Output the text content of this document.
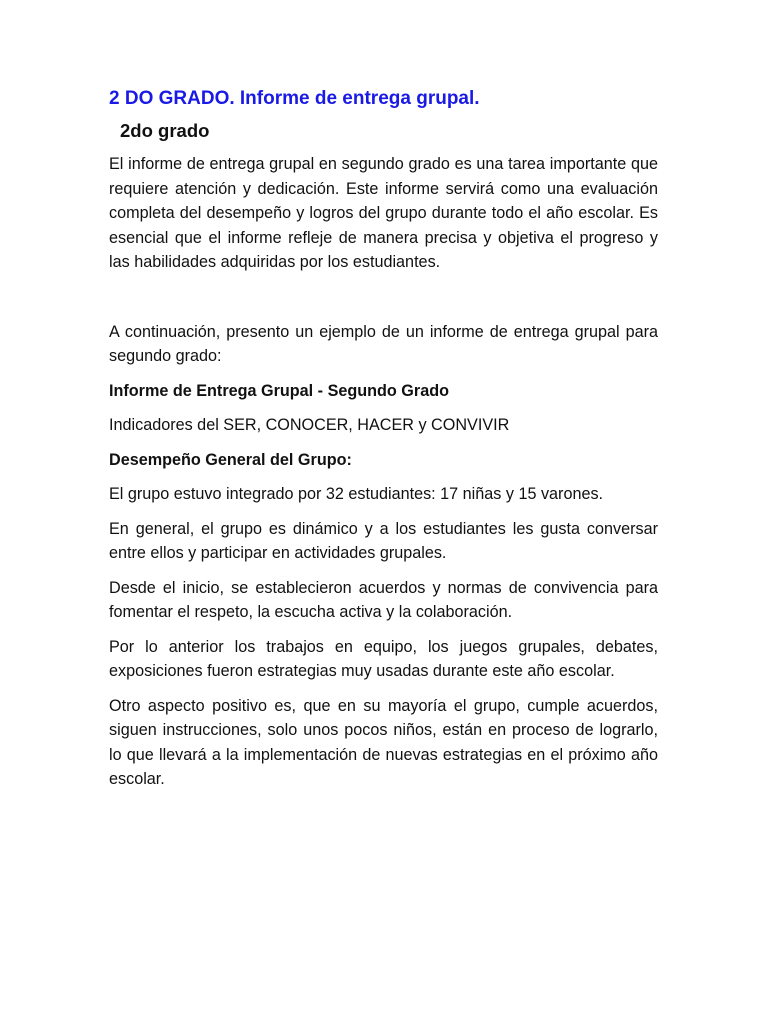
2 DO GRADO. Informe de entrega grupal.
2do grado

El informe de entrega grupal en segundo grado es una tarea importante que requiere atención y dedicación. Este informe servirá como una evaluación completa del desempeño y logros del grupo durante todo el año escolar. Es esencial que el informe refleje de manera precisa y objetiva el progreso y las habilidades adquiridas por los estudiantes.

A continuación, presento un ejemplo de un informe de entrega grupal para segundo grado:

Informe de Entrega Grupal - Segundo Grado

Indicadores del SER, CONOCER, HACER y CONVIVIR

Desempeño General del Grupo:

El grupo estuvo integrado por 32 estudiantes: 17 niñas y 15 varones.

En general, el grupo es dinámico y a los estudiantes les gusta conversar entre ellos y participar en actividades grupales.

Desde el inicio, se establecieron acuerdos y normas de convivencia para fomentar el respeto, la escucha activa y la colaboración.

Por lo anterior los trabajos en equipo, los juegos grupales, debates, exposiciones fueron estrategias muy usadas durante este año escolar.

Otro aspecto positivo es, que en su mayoría el grupo, cumple acuerdos, siguen instrucciones, solo unos pocos niños, están en proceso de lograrlo, lo que llevará a la implementación de nuevas estrategias en el próximo año escolar.
